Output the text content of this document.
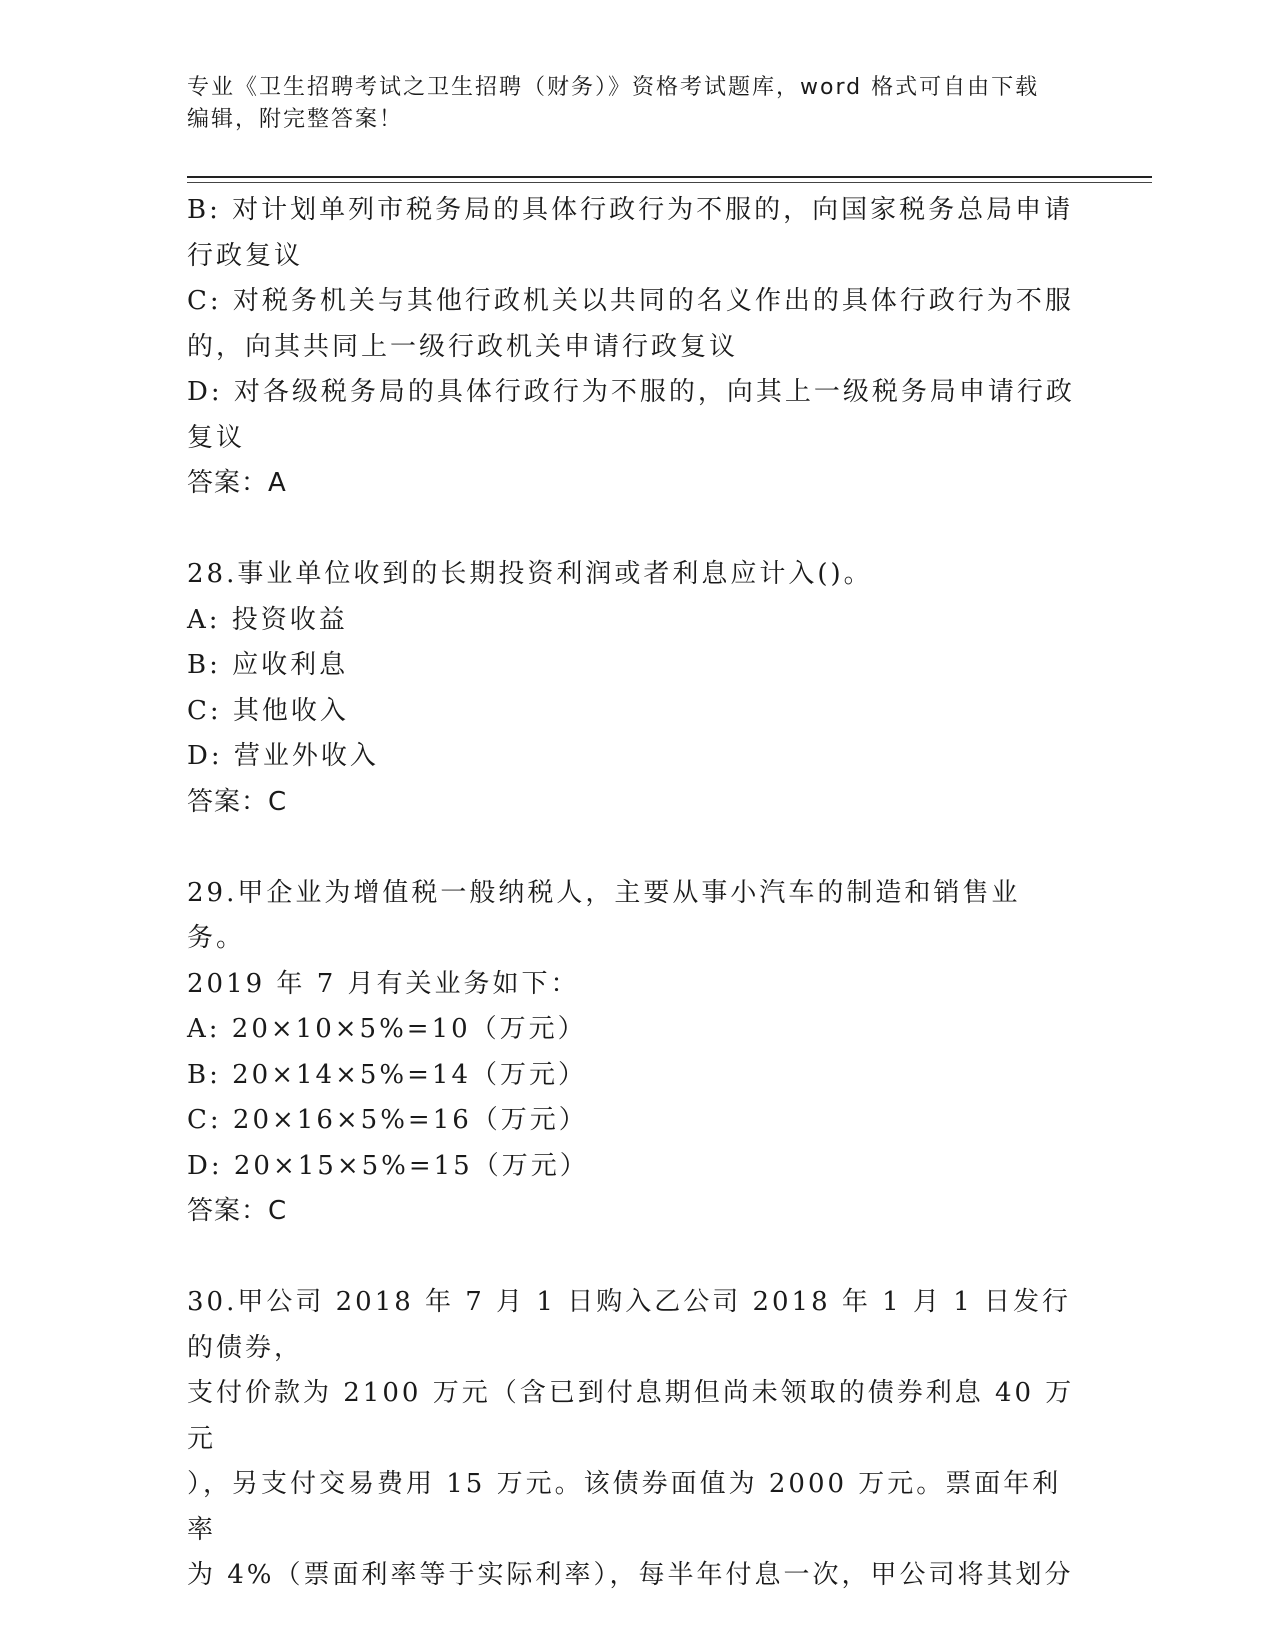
专业《卫生招聘考试之卫生招聘（财务）》资格考试题库，word 格式可自由下载
编辑，附完整答案！

B: 对计划单列市税务局的具体行政行为不服的，向国家税务总局申请

行政复议

C: 对税务机关与其他行政机关以共同的名义作出的具体行政行为不服

的，向其共同上一级行政机关申请行政复议

D: 对各级税务局的具体行政行为不服的，向其上一级税务局申请行政

复议

答案：A

28.事业单位收到的长期投资利润或者利息应计入()。

A: 投资收益

B: 应收利息

C: 其他收入

D: 营业外收入

答案：C

29.甲企业为增值税一般纳税人，主要从事小汽车的制造和销售业务。

2019 年 7 月有关业务如下：

A: 20×10×5%=10（万元）

B: 20×14×5%=14（万元）

C: 20×16×5%=16（万元）

D: 20×15×5%=15（万元）

答案：C

30.甲公司 2018 年 7 月 1 日购入乙公司 2018 年 1 月 1 日发行的债券，

支付价款为 2100 万元（含已到付息期但尚未领取的债券利息 40 万元

），另支付交易费用 15 万元。该债券面值为 2000 万元。票面年利率

为 4%（票面利率等于实际利率），每半年付息一次，甲公司将其划分
